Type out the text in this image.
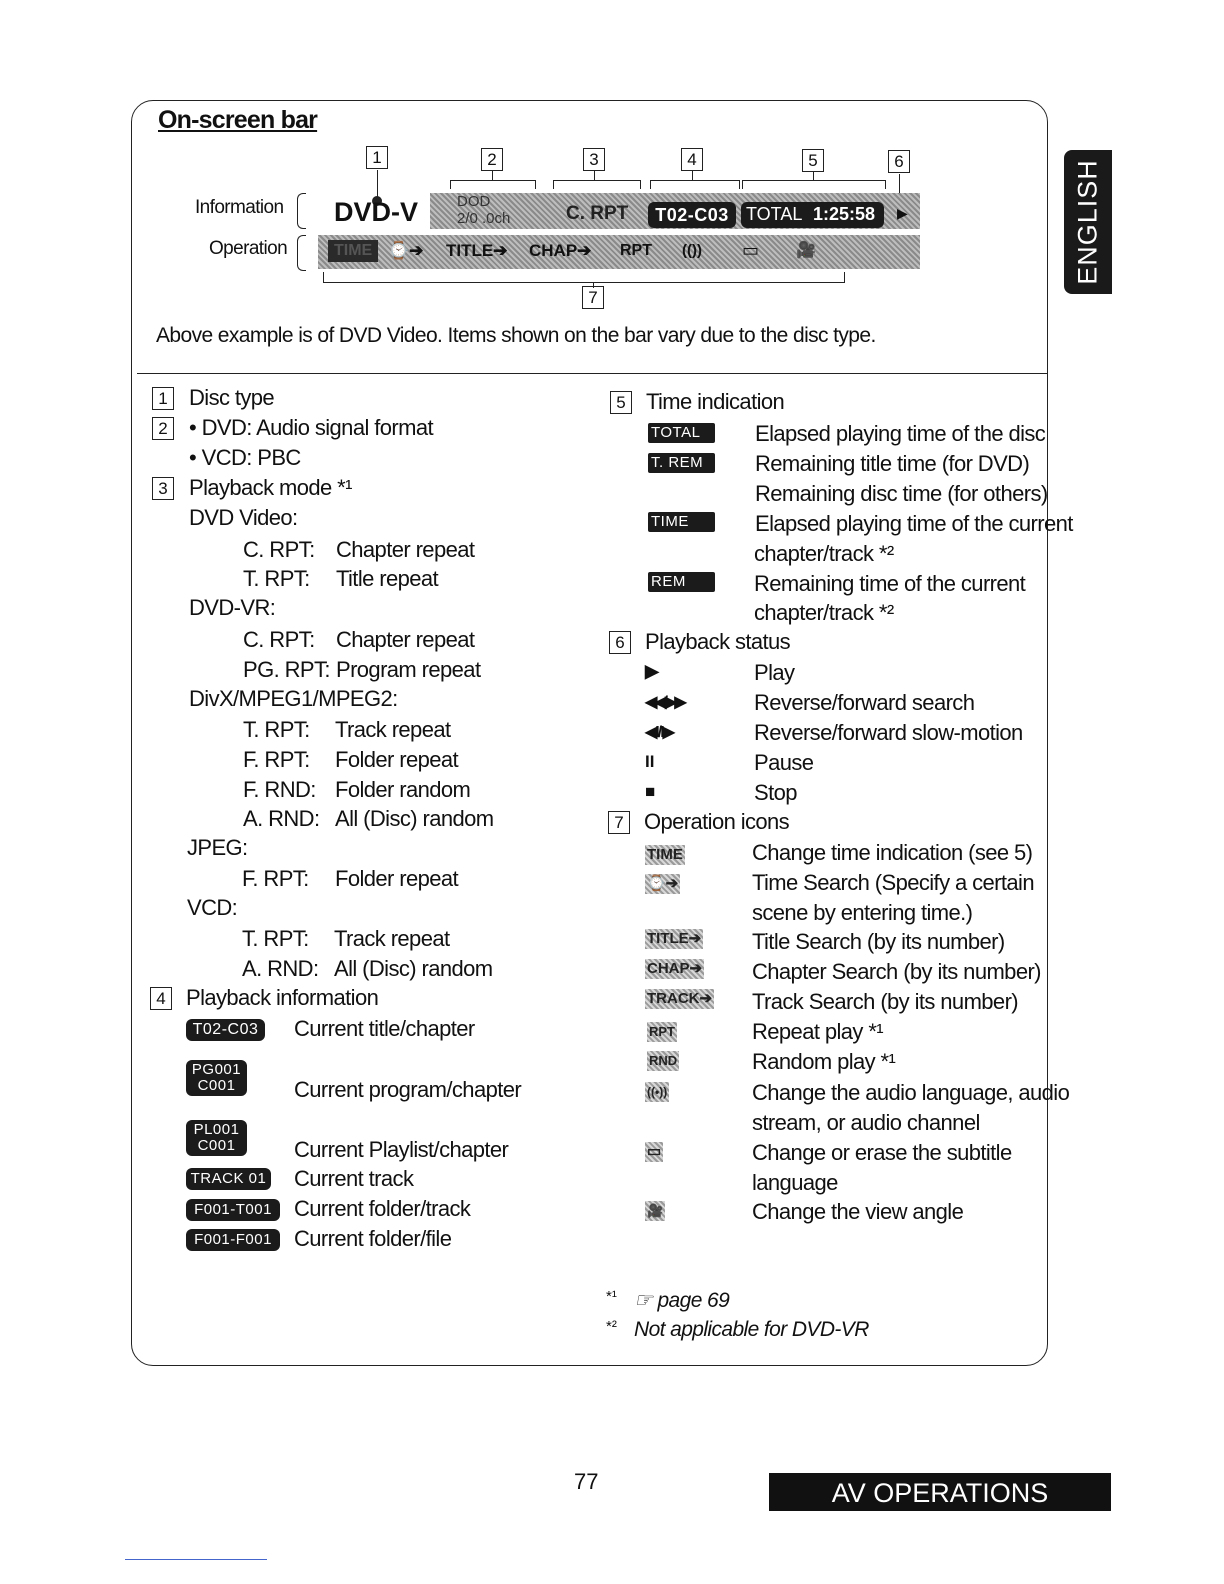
ENGLISH
On-screen bar
1	2	3	4	5	6
7
Information
Operation
DVD-V	DOD
2/0 .0ch	C. RPT	T02-C03 TOTAL 1:25:58 ▶
TIME ⌚➔ TITLE➔ CHAP➔ RPT (()) ▭ 🎥
Above example is of DVD Video. Items shown on the bar vary due to the disc type.
1 Disc type
2 • DVD: Audio signal format
• VCD: PBC
3 Playback mode *¹
DVD Video:
C. RPT: Chapter repeat
T. RPT: Title repeat
DVD-VR:
C. RPT: Chapter repeat
PG. RPT: Program repeat
DivX/MPEG1/MPEG2:
T. RPT: Track repeat
F. RPT: Folder repeat
F. RND: Folder random
A. RND: All (Disc) random
JPEG:
F. RPT: Folder repeat
VCD:
T. RPT: Track repeat
A. RND: All (Disc) random
4 Playback information
T02-C03	Current title/chapter
PG001
C001	Current program/chapter
PL001
C001	Current Playlist/chapter
TRACK 01 Current track
F001-T001	Current folder/track
F001-F001	Current folder/file
5 Time indication
TOTAL	Elapsed playing time of the disc
T. REM	Remaining title time (for DVD)
Remaining disc time (for others)
TIME	Elapsed playing time of the current
chapter/track *²
REM	Remaining time of the current
chapter/track *²
6 Playback status
▶	Play
◀◀/▶▶	Reverse/forward search
◀I/I▶	Reverse/forward slow-motion
II	Pause
■	Stop
7 Operation icons
TIME	Change time indication (see 5)
⌚➔	Time Search (Specify a certain
scene by entering time.)
TITLE➔ Title Search (by its number)
CHAP➔ Chapter Search (by its number)
TRACK➔ Track Search (by its number)
RPT	Repeat play *¹
RND	Random play *¹
((•))	Change the audio language, audio
stream, or audio channel
▭	Change or erase the subtitle
language
🎥	Change the view angle
*¹ ☞ page 69
*² Not applicable for DVD-VR
77	AV OPERATIONS
